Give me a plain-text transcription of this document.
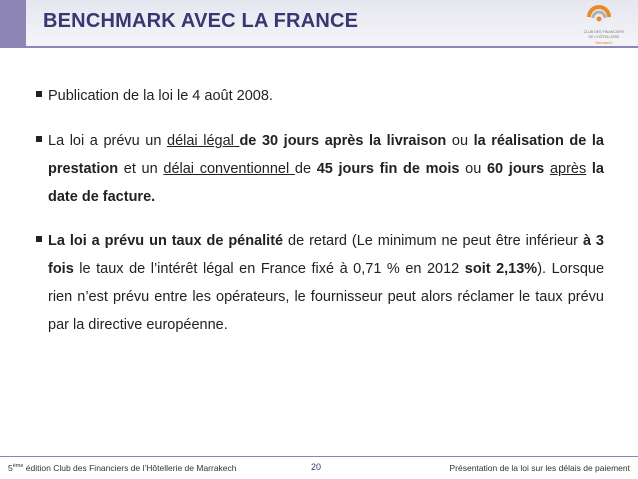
BENCHMARK AVEC LA FRANCE	CLUB DES FINANCIERS
DE L'HÔTELLERIE
Marrakech
Publication de la loi le 4 août 2008.
La loi a prévu un délai légal de 30 jours après la livraison ou la réalisation de la prestation et un délai conventionnel de 45 jours fin de mois ou 60 jours après la date de facture.
La loi a prévu un taux de pénalité de retard (Le minimum ne peut être inférieur à 3 fois le taux de l’intérêt légal en France fixé à 0,71 % en 2012 soit 2,13%). Lorsque rien n’est prévu entre les opérateurs, le fournisseur peut alors réclamer le taux prévu par la directive européenne.
5ème édition Club des Financiers de l’Hôtellerie de Marrakech	20	Présentation de la loi sur les délais de paiement
